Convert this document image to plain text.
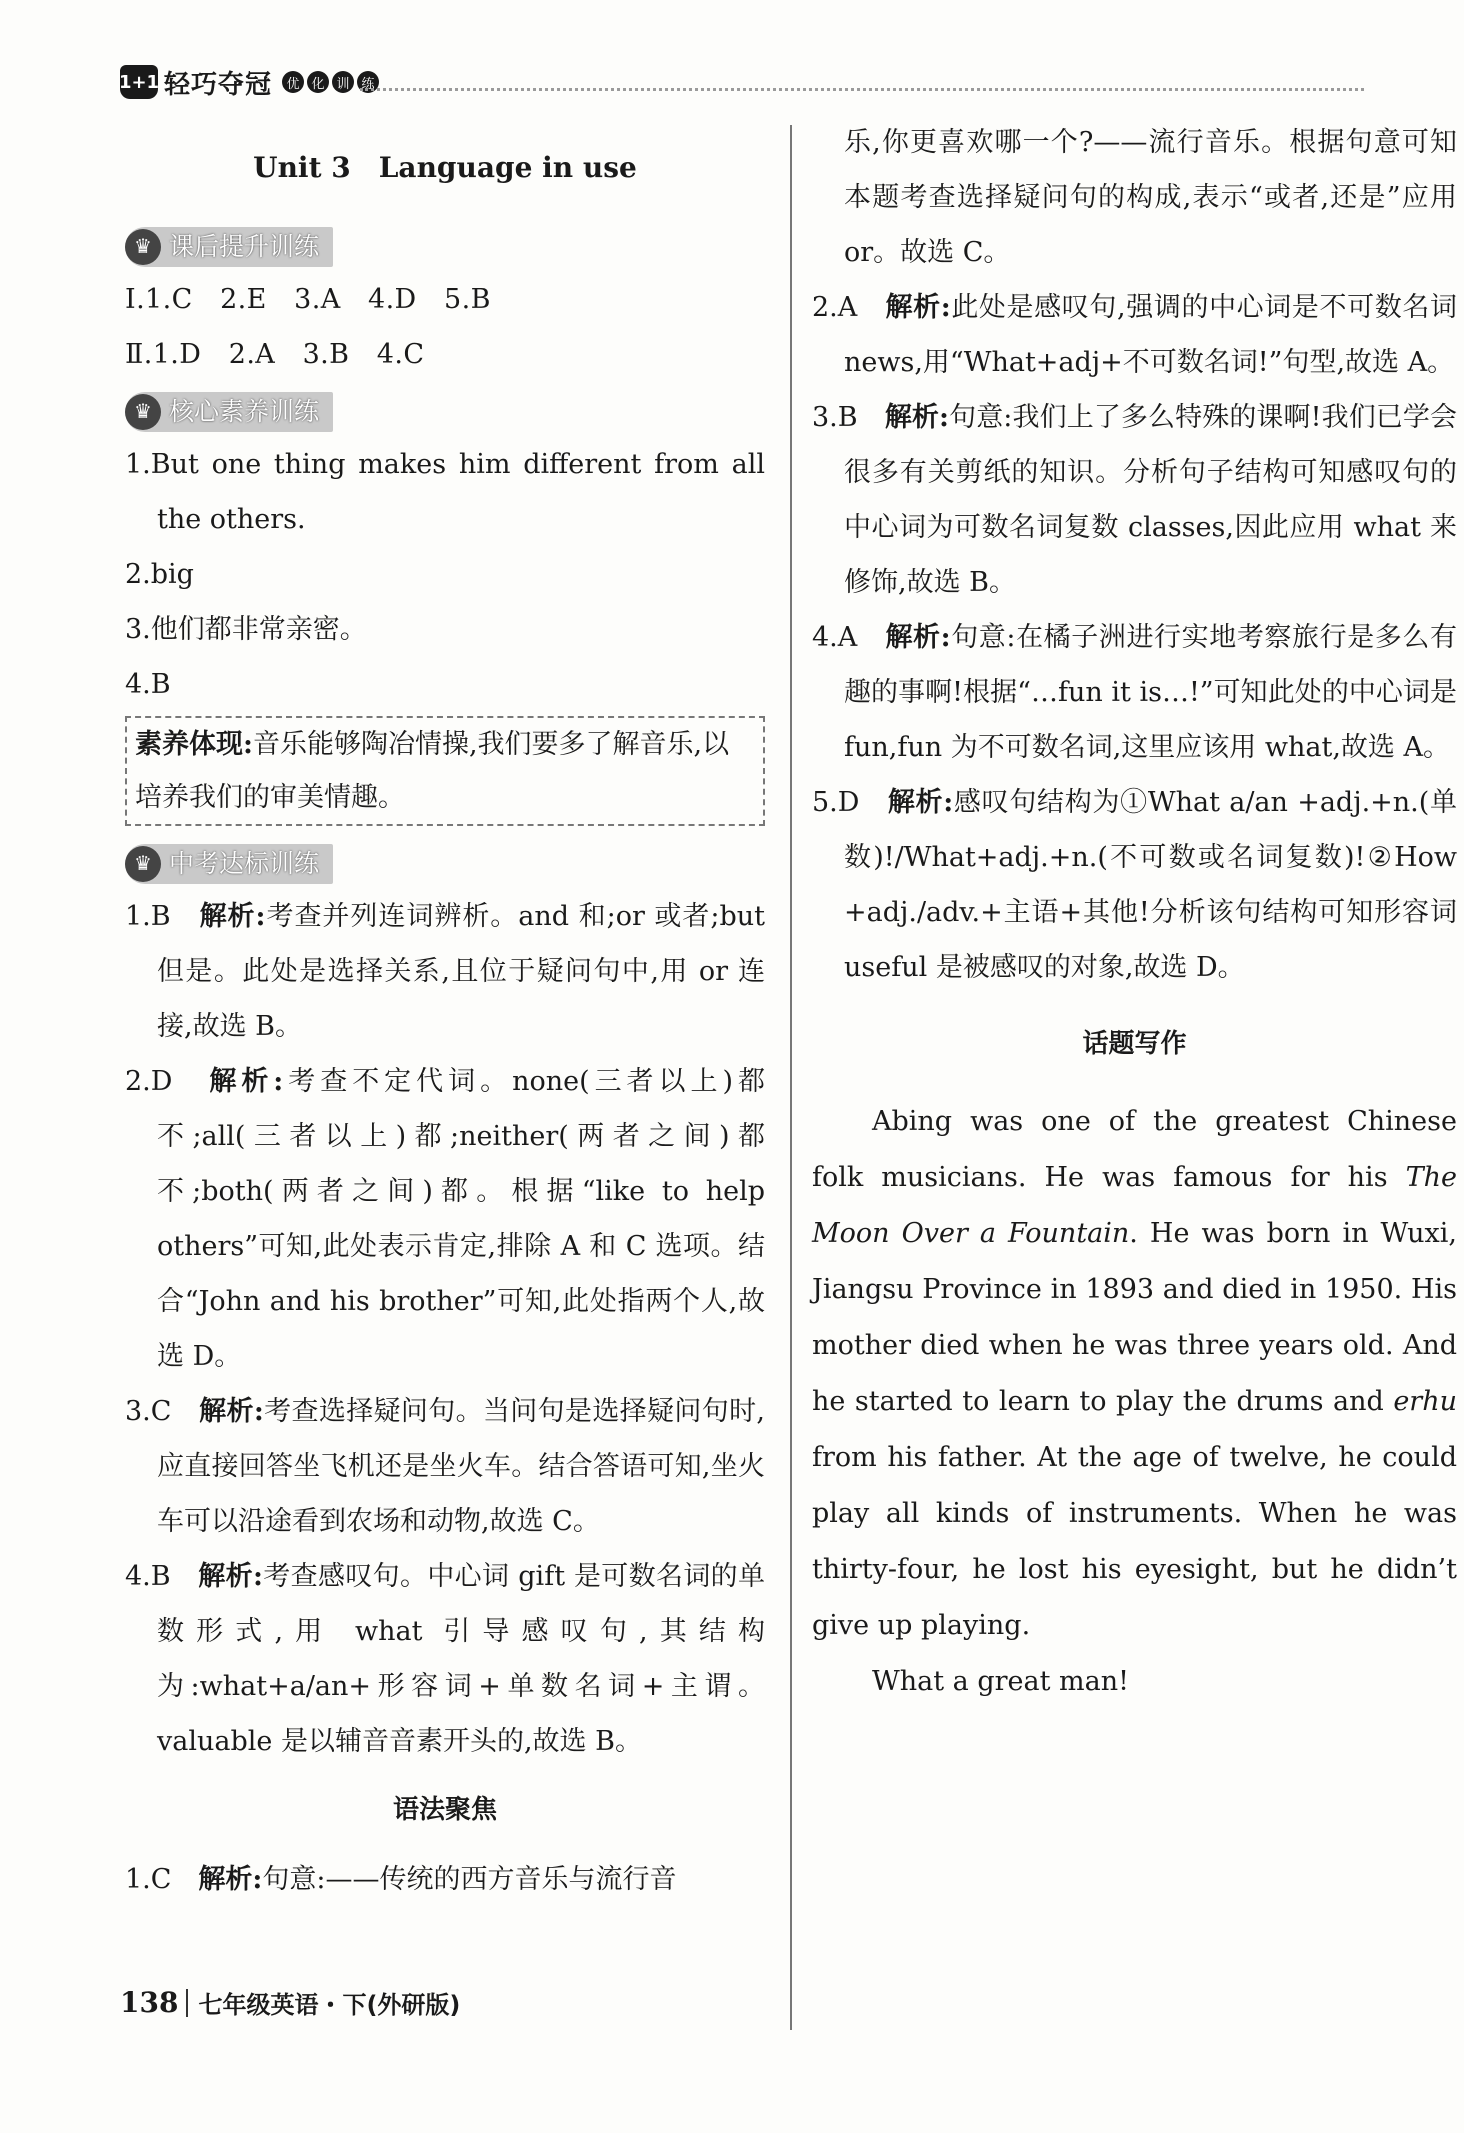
1+1 轻巧夺冠	优 化 训 练
Unit 3　Language in use
♛ 课后提升训练
Ⅰ.1.C　2.E　3.A　4.D　5.B
Ⅱ.1.D　2.A　3.B　4.C
♛ 核心素养训练
1.But one thing makes him different from all the others.
2.big
3.他们都非常亲密。
4.B
素养体现:音乐能够陶冶情操,我们要多了解音乐,以培养我们的审美情趣。
♛ 中考达标训练
1.B　解析:考查并列连词辨析。and 和;or 或者;but 但是。此处是选择关系,且位于疑问句中,用 or 连接,故选 B。
2.D　解析:考查不定代词。none(三者以上)都不;all(三者以上)都;neither(两者之间)都不;both(两者之间)都。根据“like to help others”可知,此处表示肯定,排除 A 和 C 选项。结合“John and his brother”可知,此处指两个人,故选 D。
3.C　解析:考查选择疑问句。当问句是选择疑问句时,应直接回答坐飞机还是坐火车。结合答语可知,坐火车可以沿途看到农场和动物,故选 C。
4.B　解析:考查感叹句。中心词 gift 是可数名词的单数形式,用 what 引导感叹句,其结构为:what+a/an+形容词+单数名词+主谓。valuable 是以辅音音素开头的,故选 B。
语法聚焦
1.C　解析:句意:——传统的西方音乐与流行音
乐,你更喜欢哪一个?——流行音乐。根据句意可知本题考查选择疑问句的构成,表示“或者,还是”应用 or。故选 C。
2.A　解析:此处是感叹句,强调的中心词是不可数名词 news,用“What+adj+不可数名词!”句型,故选 A。
3.B　解析:句意:我们上了多么特殊的课啊!我们已学会很多有关剪纸的知识。分析句子结构可知感叹句的中心词为可数名词复数 classes,因此应用 what 来修饰,故选 B。
4.A　解析:句意:在橘子洲进行实地考察旅行是多么有趣的事啊!根据“…fun it is…!”可知此处的中心词是 fun,fun 为不可数名词,这里应该用 what,故选 A。
5.D　解析:感叹句结构为①What a/an +adj.+n.(单数)!/What+adj.+n.(不可数或名词复数)!②How +adj./adv.+主语+其他!分析该句结构可知形容词 useful 是被感叹的对象,故选 D。
话题写作
Abing was one of the greatest Chinese folk musicians. He was famous for his The Moon Over a Fountain. He was born in Wuxi, Jiangsu Province in 1893 and died in 1950. His mother died when he was three years old. And he started to learn to play the drums and erhu from his father. At the age of twelve, he could play all kinds of instruments. When he was thirty-four, he lost his eyesight, but he didn’t give up playing.
What a great man!
138 七年级英语・下(外研版)
